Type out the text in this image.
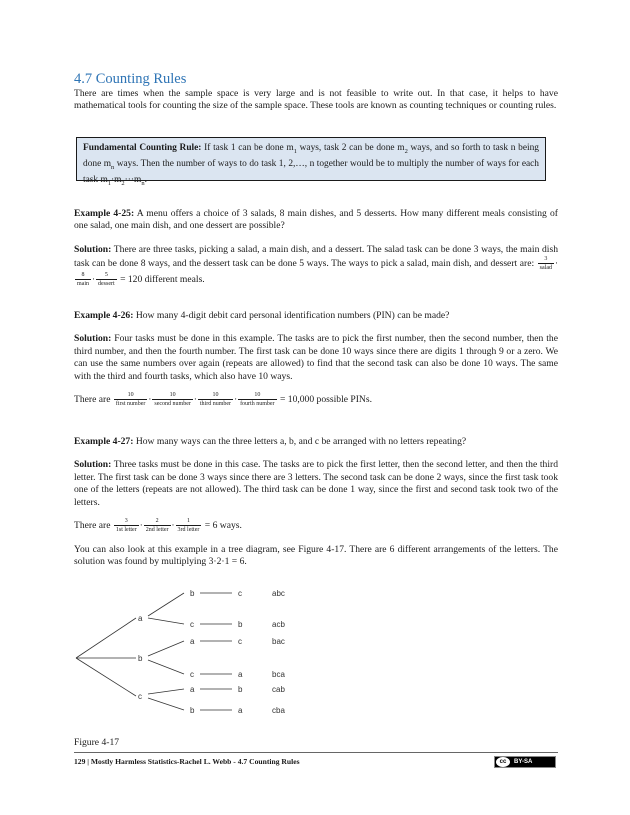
4.7 Counting Rules

There are times when the sample space is very large and is not feasible to write out. In that case, it helps to have mathematical tools for counting the size of the sample space. These tools are known as counting techniques or counting rules.

Fundamental Counting Rule: If task 1 can be done $m_1$ ways, task 2 can be done $m_2$ ways, and so forth to task n being done $m_n$ ways. Then the number of ways to do task 1, 2,…, n together would be to multiply the number of ways for each task $m_1\cdot m_2\cdot\cdot\cdot m_n$.

Example 4-25: A menu offers a choice of 3 salads, 8 main dishes, and 5 desserts. How many different meals consisting of one salad, one main dish, and one dessert are possible?

Solution: There are three tasks, picking a salad, a main dish, and a dessert. The salad task can be done 3 ways, the main dish task can be done 8 ways, and the dessert task can be done 5 ways. The ways to pick a salad, main dish, and dessert are: $\frac{3}{\text{salad}}$ ·
$\frac{8}{\text{main}} \cdot \frac{5}{\text{dessert}} = 120$ different meals.

Example 4-26: How many 4-digit debit card personal identification numbers (PIN) can be made?

Solution: Four tasks must be done in this example. The tasks are to pick the first number, then the second number, then the third number, and then the fourth number. The first task can be done 10 ways since there are digits 1 through 9 or a zero. We can use the same numbers over again (repeats are allowed) to find that the second task can also be done 10 ways. The same with the third and fourth tasks, which also have 10 ways.

There are $\frac{10}{\text{first number}} \cdot \frac{10}{\text{second number}} \cdot \frac{10}{\text{third number}} \cdot \frac{10}{\text{fourth number}} = 10,000$ possible PINs.

Example 4-27: How many ways can the three letters a, b, and c be arranged with no letters repeating?

Solution: Three tasks must be done in this case. The tasks are to pick the first letter, then the second letter, and then the third letter. The first task can be done 3 ways since there are 3 letters. The second task can be done 2 ways, since the first task took one of the letters (repeats are not allowed). The third task can be done 1 way, since the first and second task took two of the letters.

There are $\frac{3}{\text{1st letter}} \cdot \frac{2}{\text{2nd letter}} \cdot \frac{1}{\text{3rd letter}} = 6$ ways.

You can also look at this example in a tree diagram, see Figure 4-17. There are 6 different arrangements of the letters. The solution was found by multiplying 3·2·1 = 6.

a
b
c
b
c
a
c
a
b
c
b
c
a
b
a
abc
acb
bac
bca
cab
cba
Figure 4-17
129 | Mostly Harmless Statistics-Rachel L. Webb - 4.7 Counting Rules	cc	BY-SA
